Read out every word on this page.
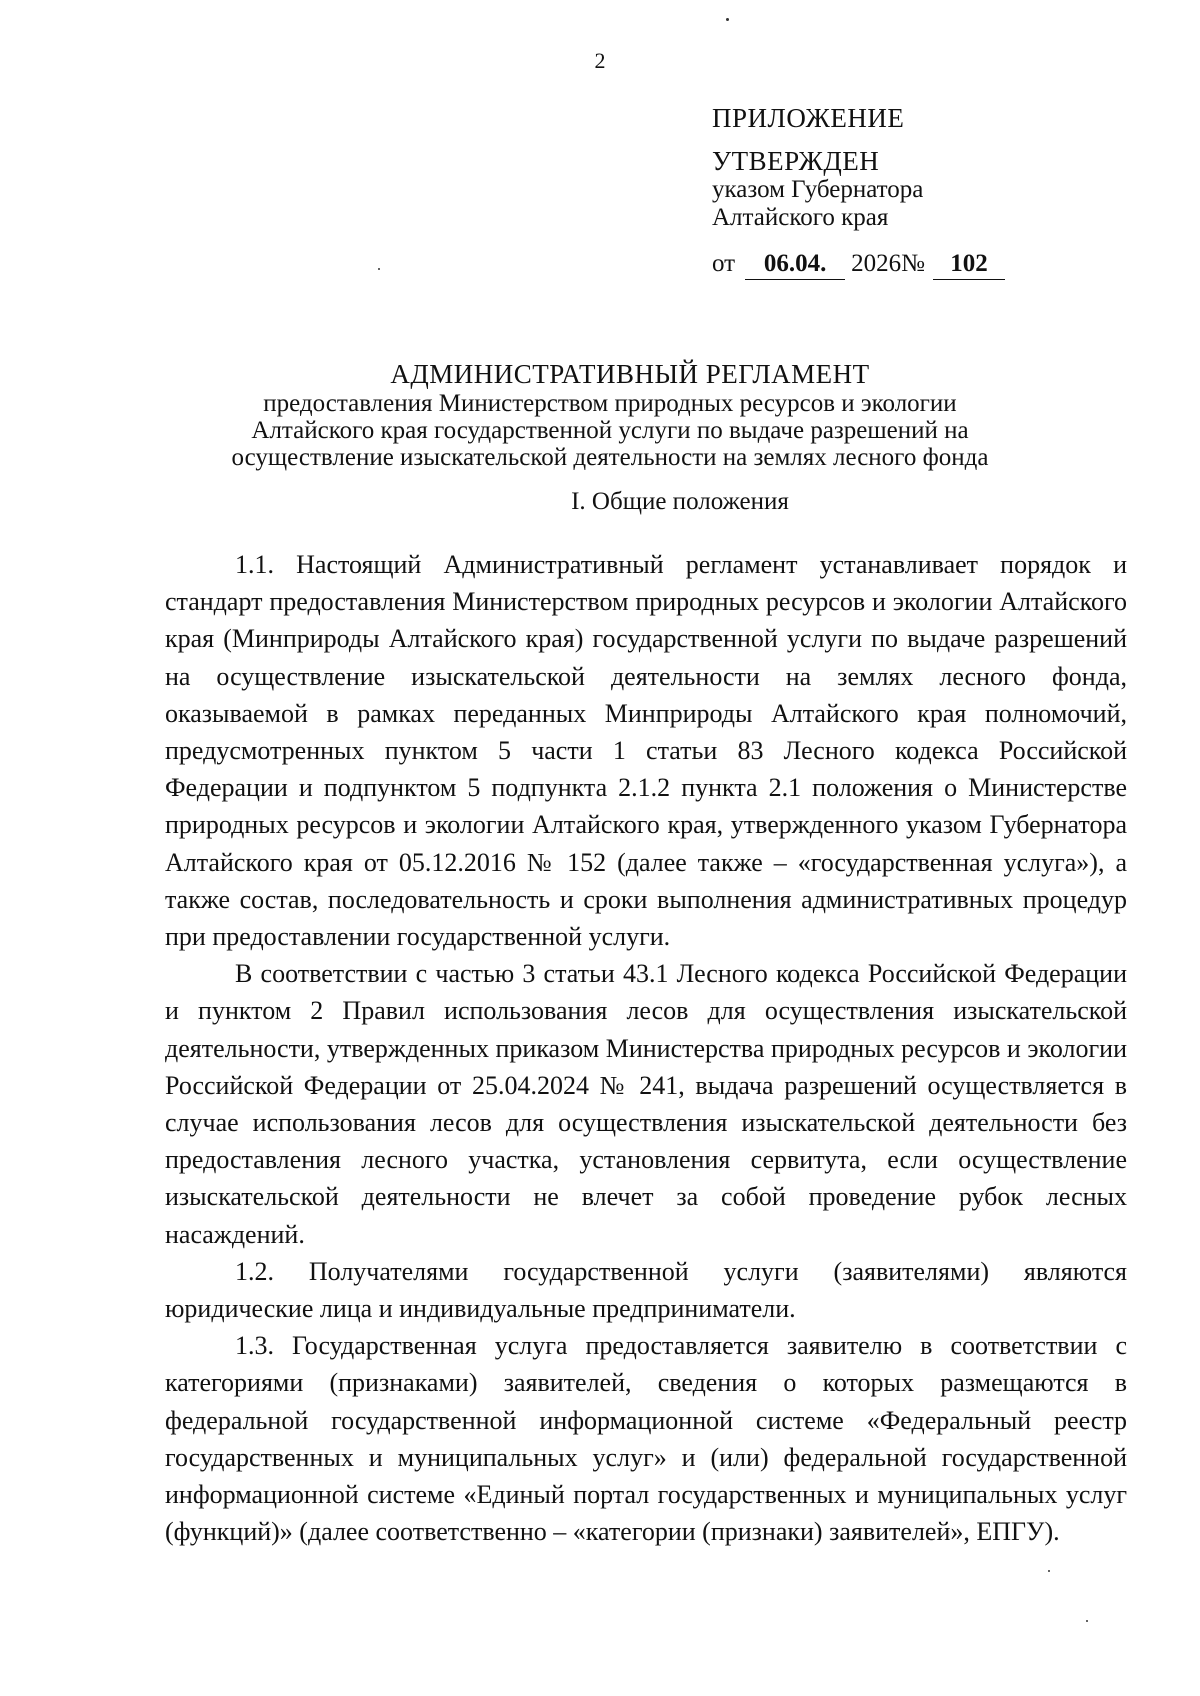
2
ПРИЛОЖЕНИЕ
УТВЕРЖДЕН
указом Губернатора
Алтайского края
от 06.04. 2026№ 102
АДМИНИСТРАТИВНЫЙ РЕГЛАМЕНТ
предоставления Министерством природных ресурсов и экологии
Алтайского края государственной услуги по выдаче разрешений на
осуществление изыскательской деятельности на землях лесного фонда
I. Общие положения

1.1. Настоящий Административный регламент устанавливает порядок и стандарт предоставления Министерством природных ресурсов и экологии Алтайского края (Минприроды Алтайского края) государственной услуги по выдаче разрешений на осуществление изыскательской деятельности на землях лесного фонда, оказываемой в рамках переданных Минприроды Алтайского края полномочий, предусмотренных пунктом 5 части 1 статьи 83 Лесного кодекса Российской Федерации и подпунктом 5 подпункта 2.1.2 пункта 2.1 положения о Министерстве природных ресурсов и экологии Алтайского края, утвержденного указом Губернатора Алтайского края от 05.12.2016 № 152 (далее также – «государственная услуга»), а также состав, последовательность и сроки выполнения административных процедур при предоставлении государственной услуги.

В соответствии с частью 3 статьи 43.1 Лесного кодекса Российской Федерации и пунктом 2 Правил использования лесов для осуществления изыскательской деятельности, утвержденных приказом Министерства природных ресурсов и экологии Российской Федерации от 25.04.2024 № 241, выдача разрешений осуществляется в случае использования лесов для осуществления изыскательской деятельности без предоставления лесного участка, установления сервитута, если осуществление изыскательской деятельности не влечет за собой проведение рубок лесных насаждений.

1.2. Получателями государственной услуги (заявителями) являются юридические лица и индивидуальные предприниматели.

1.3. Государственная услуга предоставляется заявителю в соответствии с категориями (признаками) заявителей, сведения о которых размещаются в федеральной государственной информационной системе «Федеральный реестр государственных и муниципальных услуг» и (или) федеральной государственной информационной системе «Единый портал государственных и муниципальных услуг (функций)» (далее соответственно – «категории (признаки) заявителей», ЕПГУ).
